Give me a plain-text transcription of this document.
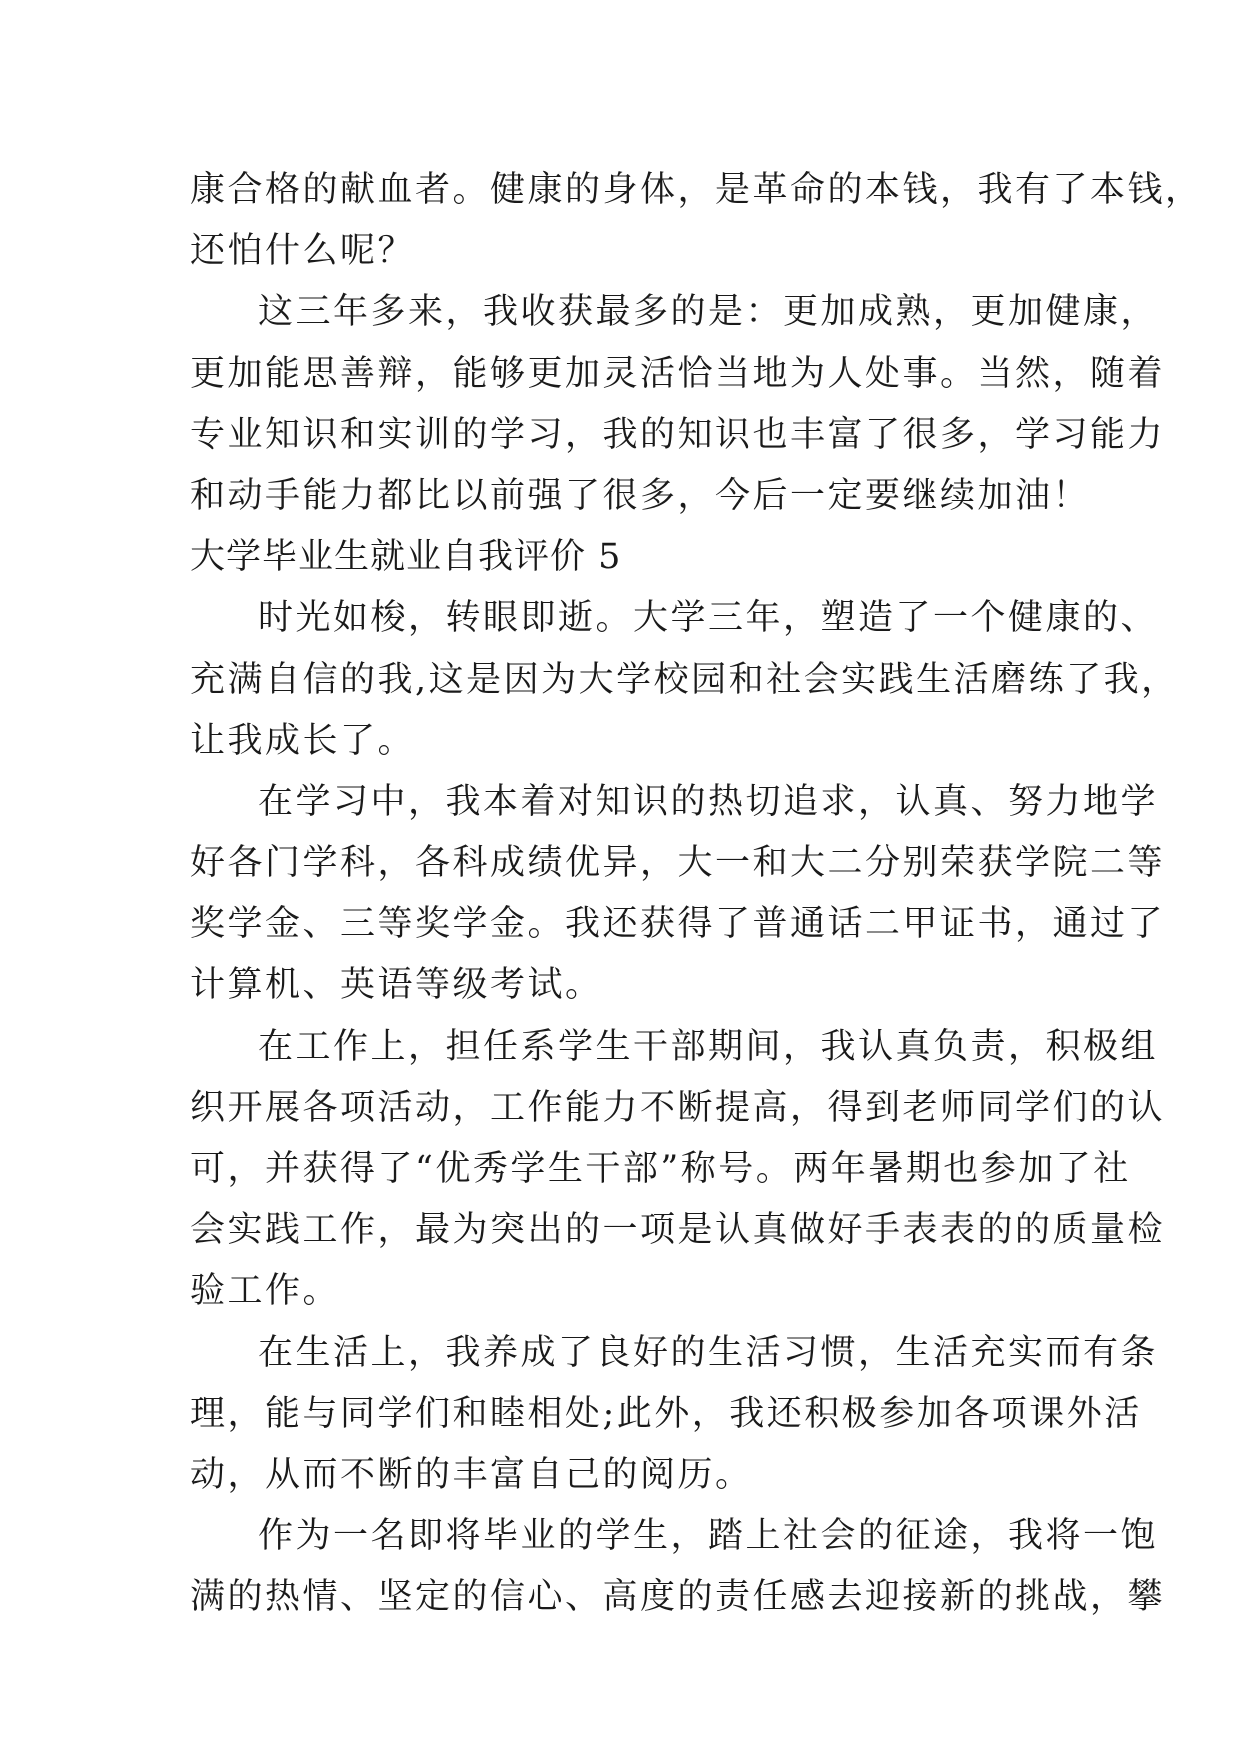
康合格的献血者。健康的身体，是革命的本钱，我有了本钱，
还怕什么呢？
这三年多来，我收获最多的是：更加成熟，更加健康，
更加能思善辩，能够更加灵活恰当地为人处事。当然，随着
专业知识和实训的学习，我的知识也丰富了很多，学习能力
和动手能力都比以前强了很多，今后一定要继续加油！
大学毕业生就业自我评价 5
时光如梭，转眼即逝。大学三年，塑造了一个健康的、
充满自信的我,这是因为大学校园和社会实践生活磨练了我，
让我成长了。
在学习中，我本着对知识的热切追求，认真、努力地学
好各门学科，各科成绩优异，大一和大二分别荣获学院二等
奖学金、三等奖学金。我还获得了普通话二甲证书，通过了
计算机、英语等级考试。
在工作上，担任系学生干部期间，我认真负责，积极组
织开展各项活动，工作能力不断提高，得到老师同学们的认
可，并获得了“优秀学生干部”称号。两年暑期也参加了社
会实践工作，最为突出的一项是认真做好手表表的的质量检
验工作。
在生活上，我养成了良好的生活习惯，生活充实而有条
理，能与同学们和睦相处;此外，我还积极参加各项课外活
动，从而不断的丰富自己的阅历。
作为一名即将毕业的学生，踏上社会的征途，我将一饱
满的热情、坚定的信心、高度的责任感去迎接新的挑战，攀
